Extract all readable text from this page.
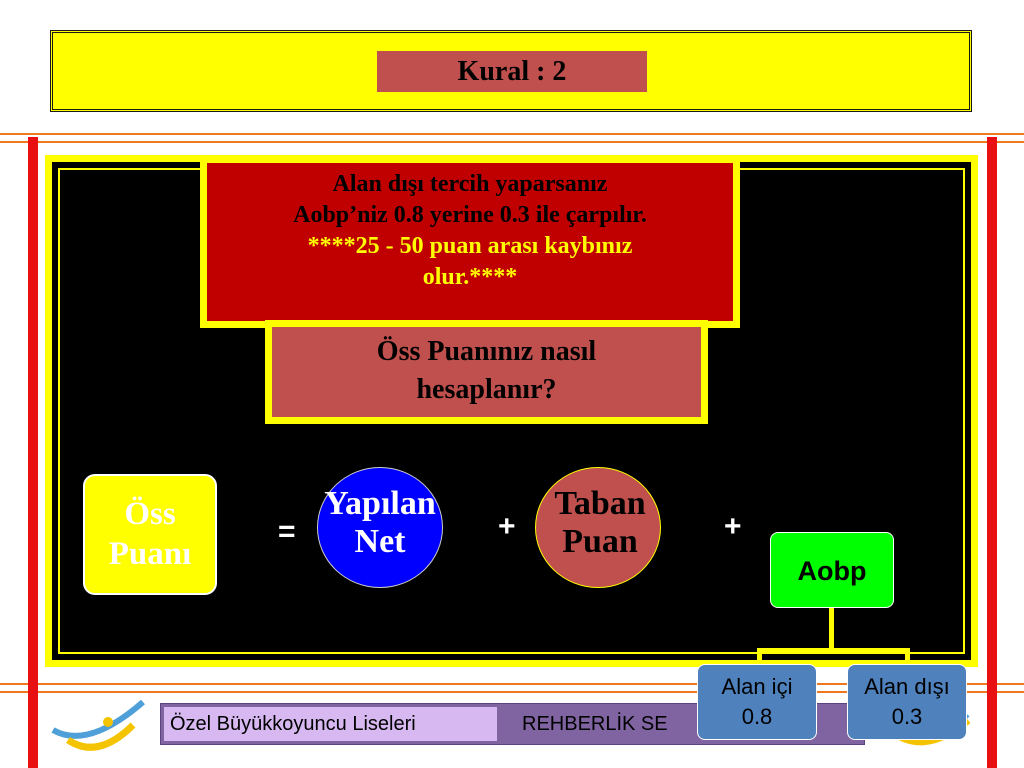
Kural : 2
Alan dışı tercih yaparsanız
Aobp’niz 0.8 yerine 0.3 ile çarpılır.
****25 - 50 puan arası kaybınız
olur.****
Öss Puanınız nasıl
hesaplanır?
Öss
Puanı
=
Yapılan
Net	+
Taban
Puan	+
Aobp
Özel Büyükkoyuncu Liseleri	REHBERLİK SE
Alan içi
0.8
Alan dışı
0.3
